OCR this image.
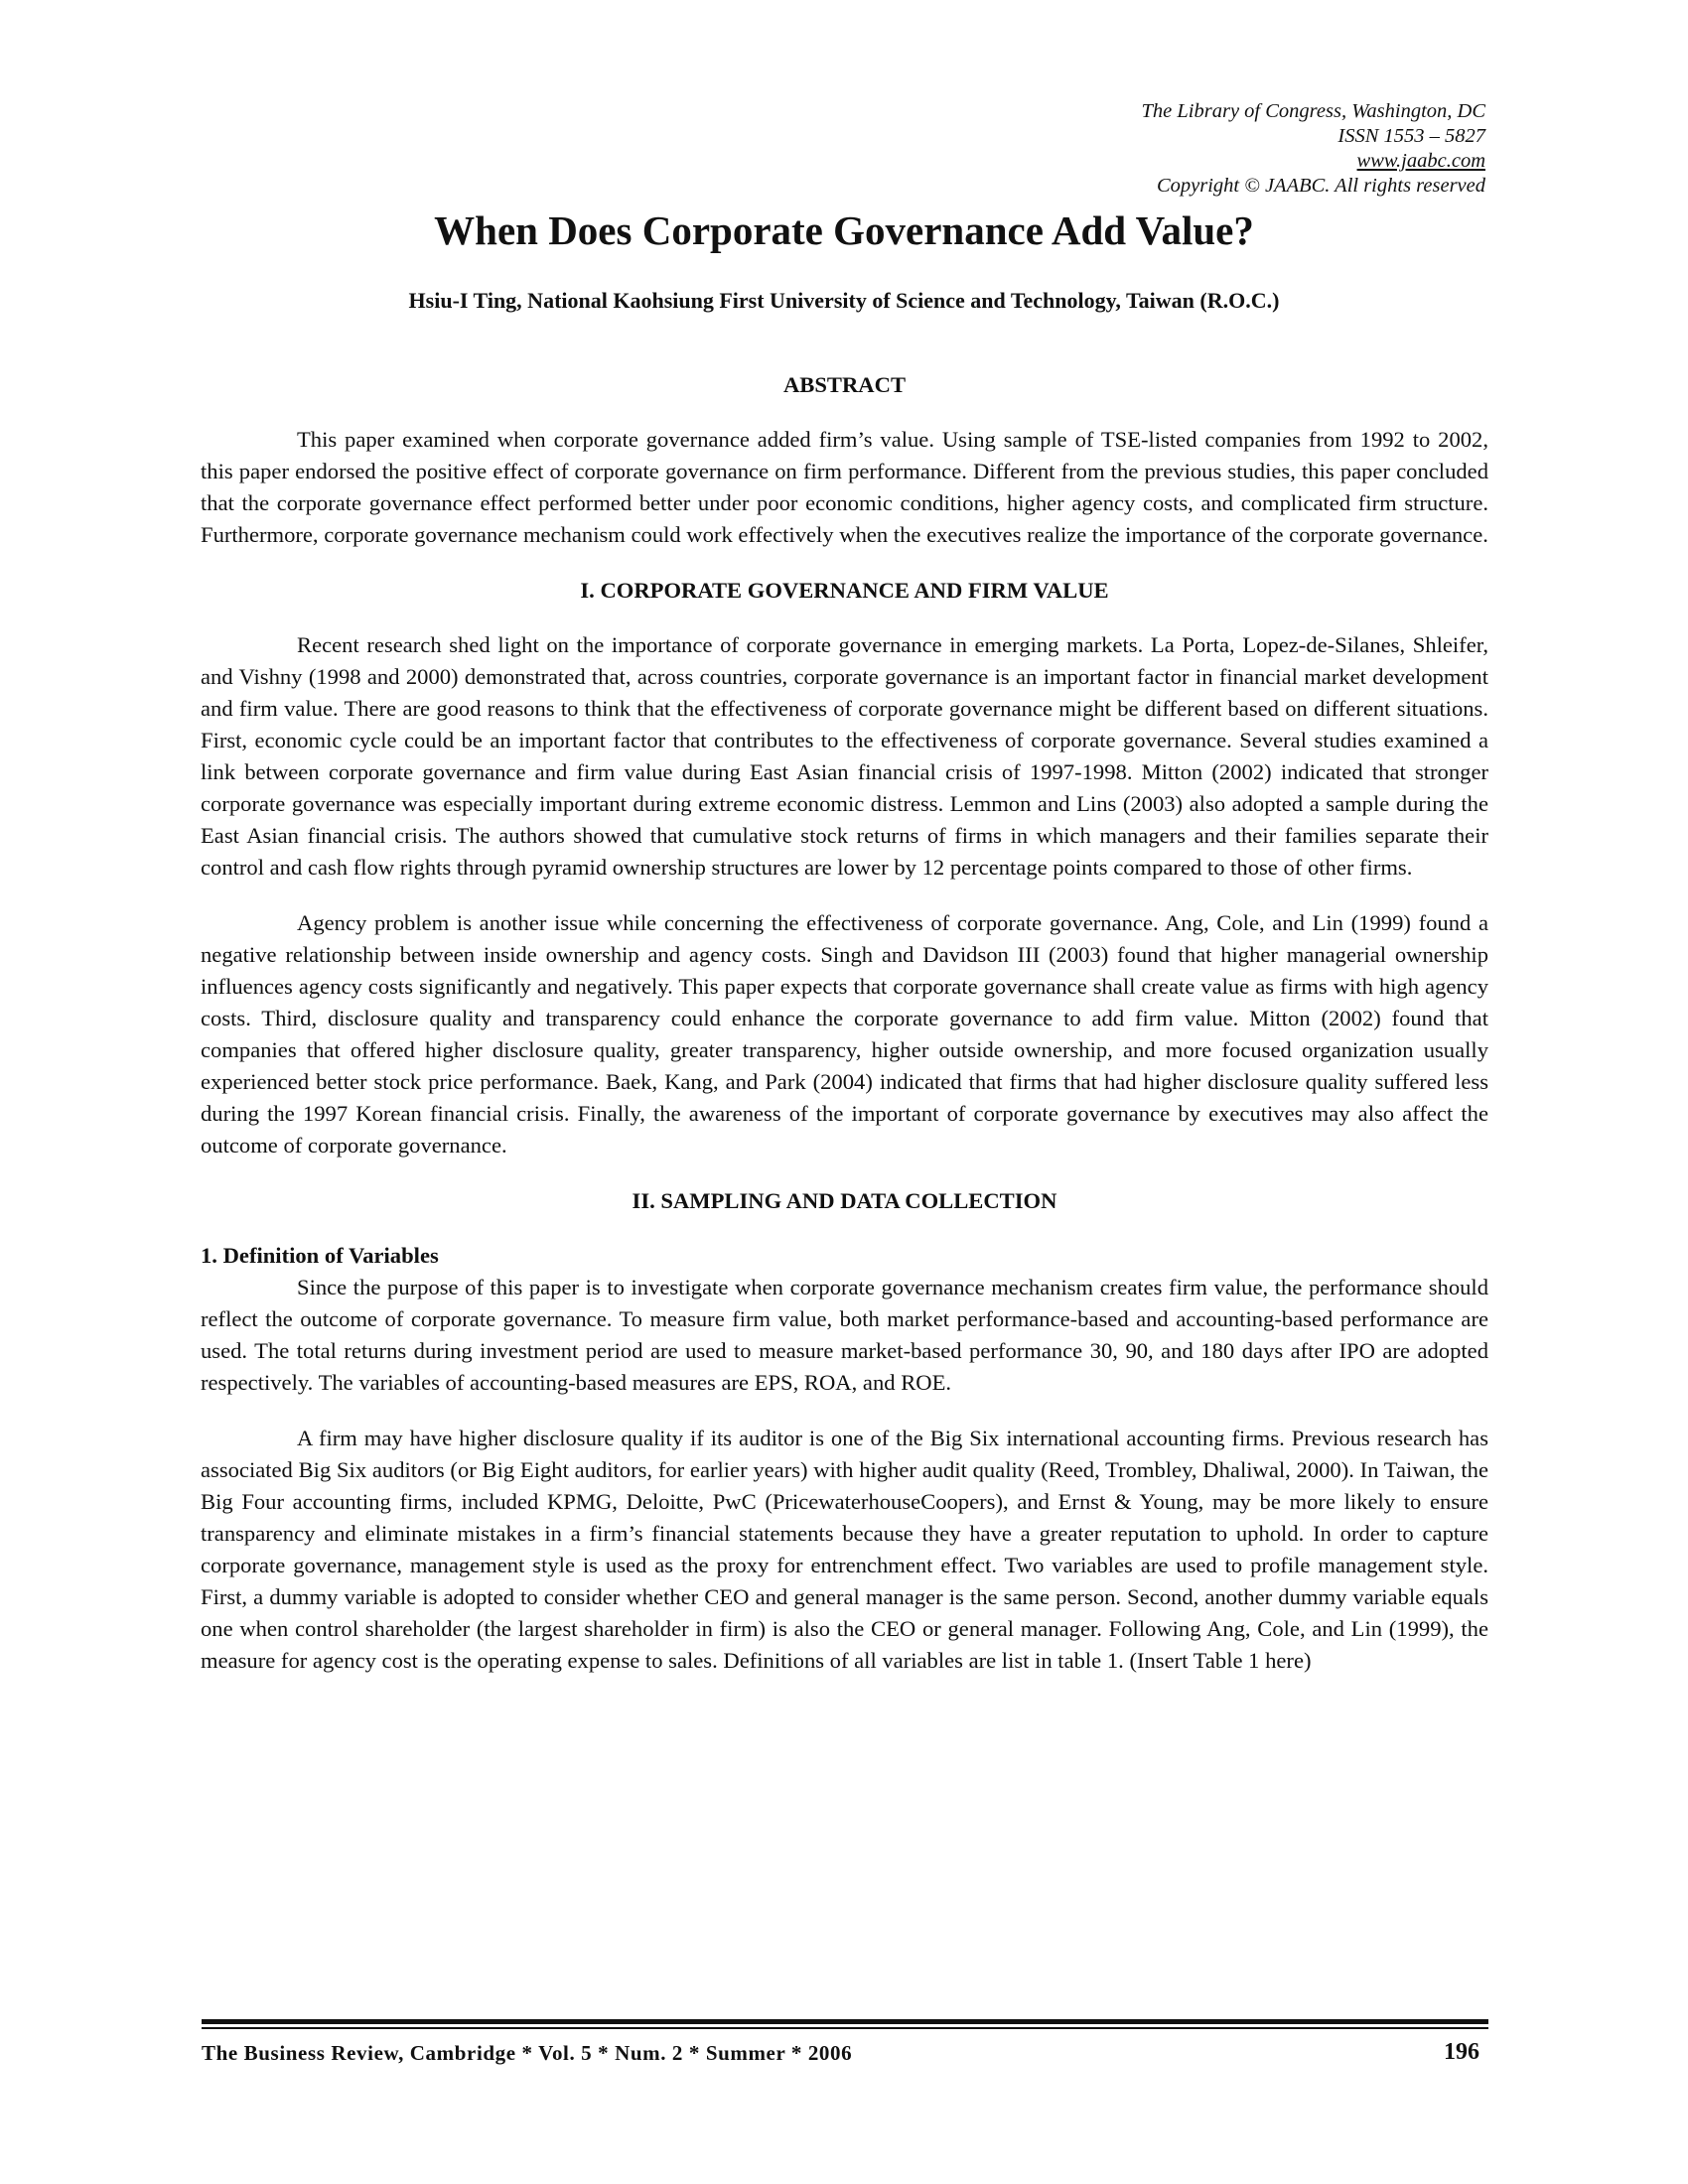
The Library of Congress, Washington, DC
ISSN 1553 – 5827
www.jaabc.com
Copyright © JAABC. All rights reserved
When Does Corporate Governance Add Value?

Hsiu-I Ting, National Kaohsiung First University of Science and Technology, Taiwan (R.O.C.)

ABSTRACT

This paper examined when corporate governance added firm’s value. Using sample of TSE-listed companies from 1992 to 2002, this paper endorsed the positive effect of corporate governance on firm performance. Different from the previous studies, this paper concluded that the corporate governance effect performed better under poor economic conditions, higher agency costs, and complicated firm structure. Furthermore, corporate governance mechanism could work effectively when the executives realize the importance of the corporate governance.

I. CORPORATE GOVERNANCE AND FIRM VALUE

Recent research shed light on the importance of corporate governance in emerging markets. La Porta, Lopez-de-Silanes, Shleifer, and Vishny (1998 and 2000) demonstrated that, across countries, corporate governance is an important factor in financial market development and firm value. There are good reasons to think that the effectiveness of corporate governance might be different based on different situations. First, economic cycle could be an important factor that contributes to the effectiveness of corporate governance. Several studies examined a link between corporate governance and firm value during East Asian financial crisis of 1997-1998. Mitton (2002) indicated that stronger corporate governance was especially important during extreme economic distress. Lemmon and Lins (2003) also adopted a sample during the East Asian financial crisis. The authors showed that cumulative stock returns of firms in which managers and their families separate their control and cash flow rights through pyramid ownership structures are lower by 12 percentage points compared to those of other firms.

Agency problem is another issue while concerning the effectiveness of corporate governance. Ang, Cole, and Lin (1999) found a negative relationship between inside ownership and agency costs. Singh and Davidson III (2003) found that higher managerial ownership influences agency costs significantly and negatively. This paper expects that corporate governance shall create value as firms with high agency costs. Third, disclosure quality and transparency could enhance the corporate governance to add firm value. Mitton (2002) found that companies that offered higher disclosure quality, greater transparency, higher outside ownership, and more focused organization usually experienced better stock price performance. Baek, Kang, and Park (2004) indicated that firms that had higher disclosure quality suffered less during the 1997 Korean financial crisis. Finally, the awareness of the important of corporate governance by executives may also affect the outcome of corporate governance.

II. SAMPLING AND DATA COLLECTION

1. Definition of Variables

Since the purpose of this paper is to investigate when corporate governance mechanism creates firm value, the performance should reflect the outcome of corporate governance. To measure firm value, both market performance-based and accounting-based performance are used. The total returns during investment period are used to measure market-based performance 30, 90, and 180 days after IPO are adopted respectively. The variables of accounting-based measures are EPS, ROA, and ROE.

A firm may have higher disclosure quality if its auditor is one of the Big Six international accounting firms. Previous research has associated Big Six auditors (or Big Eight auditors, for earlier years) with higher audit quality (Reed, Trombley, Dhaliwal, 2000). In Taiwan, the Big Four accounting firms, included KPMG, Deloitte, PwC (PricewaterhouseCoopers), and Ernst & Young, may be more likely to ensure transparency and eliminate mistakes in a firm’s financial statements because they have a greater reputation to uphold. In order to capture corporate governance, management style is used as the proxy for entrenchment effect. Two variables are used to profile management style. First, a dummy variable is adopted to consider whether CEO and general manager is the same person. Second, another dummy variable equals one when control shareholder (the largest shareholder in firm) is also the CEO or general manager. Following Ang, Cole, and Lin (1999), the measure for agency cost is the operating expense to sales. Definitions of all variables are list in table 1. (Insert Table 1 here)

The Business Review, Cambridge * Vol. 5 * Num. 2 * Summer * 2006	196
